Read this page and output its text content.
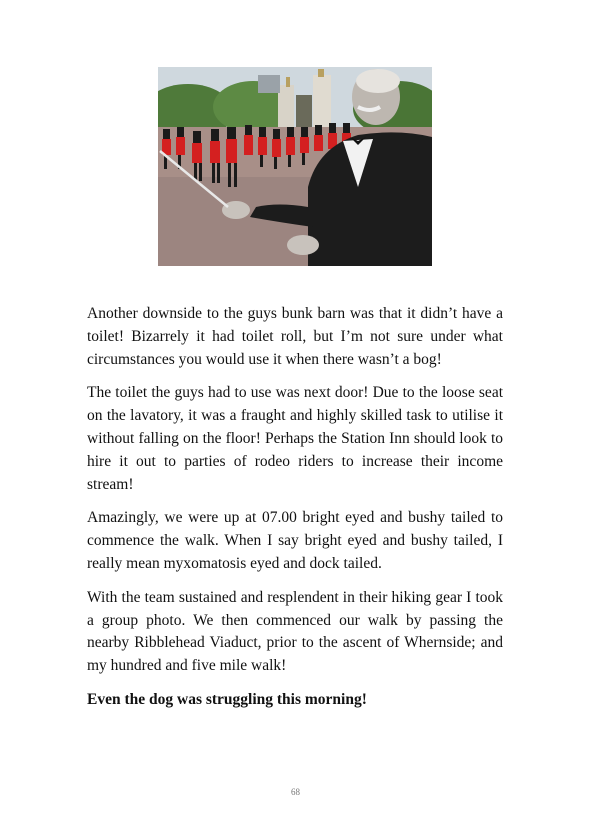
Another downside to the guys bunk barn was that it didn’t have a toilet! Bizarrely it had toilet roll, but I’m not sure under what circumstances you would use it when there wasn’t a bog!

The toilet the guys had to use was next door! Due to the loose seat on the lavatory, it was a fraught and highly skilled task to utilise it without falling on the floor! Perhaps the Station Inn should look to hire it out to parties of rodeo riders to increase their income stream!

Amazingly, we were up at 07.00 bright eyed and bushy tailed to commence the walk. When I say bright eyed and bushy tailed, I really mean myxomatosis eyed and dock tailed.

With the team sustained and resplendent in their hiking gear I took a group photo. We then commenced our walk by passing the nearby Ribblehead Viaduct, prior to the ascent of Whernside; and my hundred and five mile walk!

Even the dog was struggling this morning!

68
